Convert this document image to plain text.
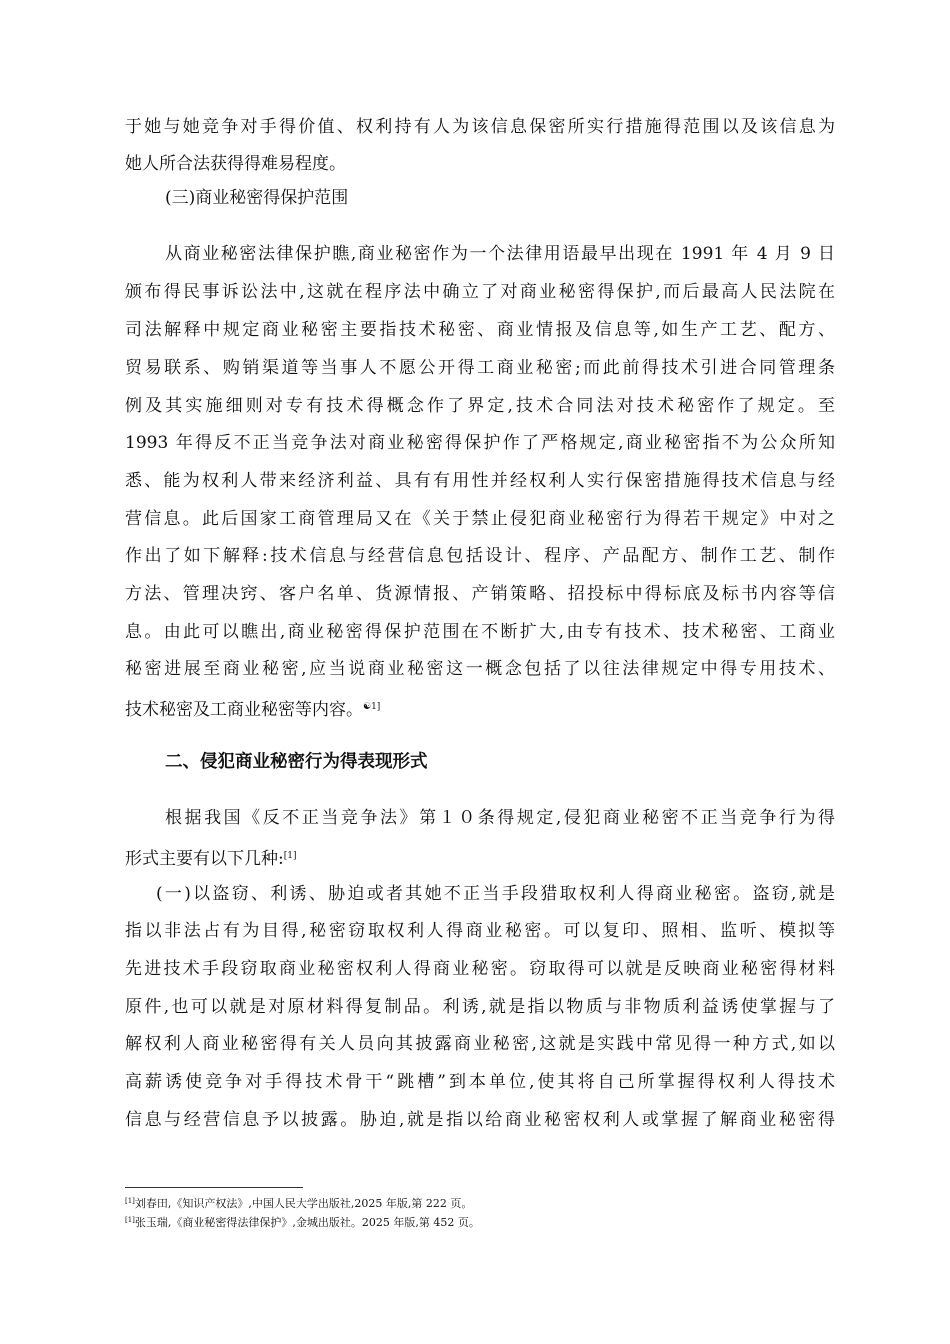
于她与她竞争对手得价值、权利持有人为该信息保密所实行措施得范围以及该信息为
她人所合法获得得难易程度。
(三)商业秘密得保护范围
从商业秘密法律保护瞧,商业秘密作为一个法律用语最早出现在 1991 年 4 月 9 日
颁布得民事诉讼法中,这就在程序法中确立了对商业秘密得保护,而后最高人民法院在
司法解释中规定商业秘密主要指技术秘密、商业情报及信息等,如生产工艺、配方、
贸易联系、购销渠道等当事人不愿公开得工商业秘密;而此前得技术引进合同管理条
例及其实施细则对专有技术得概念作了界定,技术合同法对技术秘密作了规定。至
1993 年得反不正当竞争法对商业秘密得保护作了严格规定,商业秘密指不为公众所知
悉、能为权利人带来经济利益、具有有用性并经权利人实行保密措施得技术信息与经
营信息。此后国家工商管理局又在《关于禁止侵犯商业秘密行为得若干规定》中对之
作出了如下解释:技术信息与经营信息包括设计、程序、产品配方、制作工艺、制作
方法、管理决窍、客户名单、货源情报、产销策略、招投标中得标底及标书内容等信
息。由此可以瞧出,商业秘密得保护范围在不断扩大,由专有技术、技术秘密、工商业
秘密进展至商业秘密,应当说商业秘密这一概念包括了以往法律规定中得专用技术、
技术秘密及工商业秘密等内容。$^{☯1]}$
二、侵犯商业秘密行为得表现形式
根据我国《反不正当竞争法》第１０条得规定,侵犯商业秘密不正当竞争行为得
形式主要有以下几种:[1]
(一)以盗窃、利诱、胁迫或者其她不正当手段猎取权利人得商业秘密。盗窃,就是
指以非法占有为目得,秘密窃取权利人得商业秘密。可以复印、照相、监听、模拟等
先进技术手段窃取商业秘密权利人得商业秘密。窃取得可以就是反映商业秘密得材料
原件,也可以就是对原材料得复制品。利诱,就是指以物质与非物质利益诱使掌握与了
解权利人商业秘密得有关人员向其披露商业秘密,这就是实践中常见得一种方式,如以
高薪诱使竞争对手得技术骨干“跳槽”到本单位,使其将自己所掌握得权利人得技术
信息与经营信息予以披露。胁迫,就是指以给商业秘密权利人或掌握了解商业秘密得
[1]刘春田,《知识产权法》,中国人民大学出版社,2025 年版,第 222 页。
[1]张玉瑞,《商业秘密得法律保护》,金城出版社。2025 年版,第 452 页。
